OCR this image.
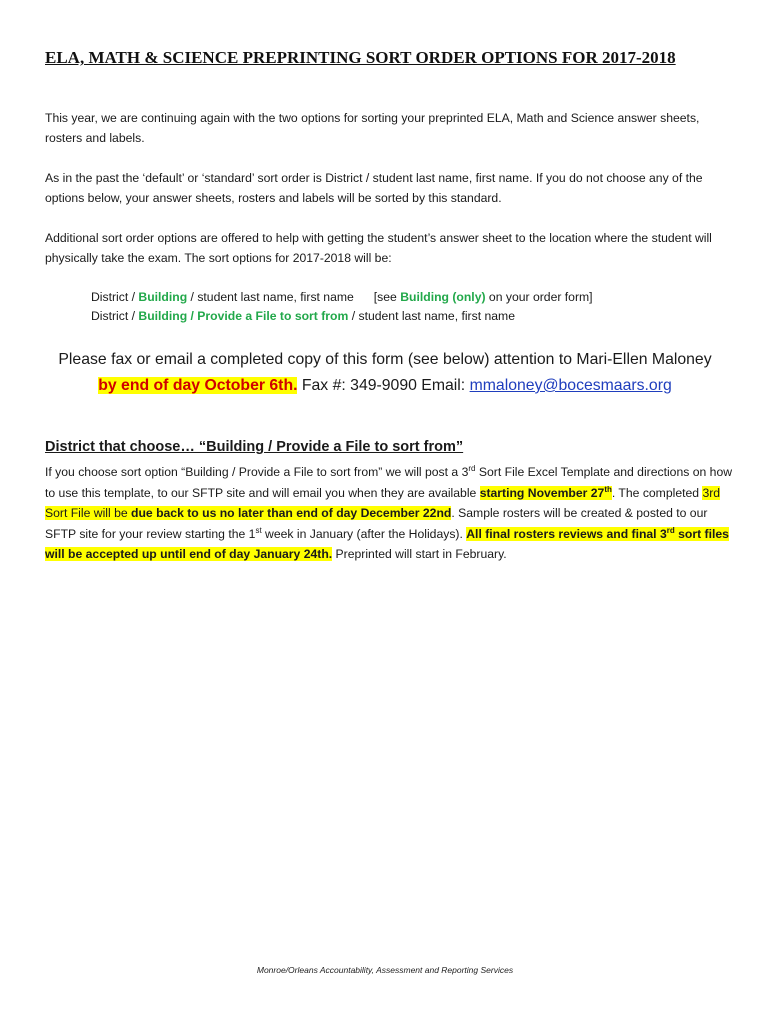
ELA, MATH & SCIENCE PREPRINTING SORT ORDER OPTIONS FOR 2017-2018

This year, we are continuing again with the two options for sorting your preprinted ELA, Math and Science answer sheets, rosters and labels.

As in the past the ‘default’ or ‘standard’ sort order is District / student last name, first name. If you do not choose any of the options below, your answer sheets, rosters and labels will be sorted by this standard.

Additional sort order options are offered to help with getting the student’s answer sheet to the location where the student will physically take the exam. The sort options for 2017-2018 will be:

District / Building / student last name, first name [see Building (only) on your order form]

District / Building / Provide a File to sort from / student last name, first name

Please fax or email a completed copy of this form (see below) attention to Mari-Ellen Maloney
by end of day October 6th. Fax #: 349-9090 Email: mmaloney@bocesmaars.org
District that choose… “Building / Provide a File to sort from”

If you choose sort option “Building / Provide a File to sort from” we will post a 3rd Sort File Excel Template and directions on how to use this template, to our SFTP site and will email you when they are available starting November 27th. The completed 3rd Sort File will be due back to us no later than end of day December 22nd. Sample rosters will be created & posted to our SFTP site for your review starting the 1st week in January (after the Holidays). All final rosters reviews and final 3rd sort files will be accepted up until end of day January 24th. Preprinted will start in February.

Monroe/Orleans Accountability, Assessment and Reporting Services
